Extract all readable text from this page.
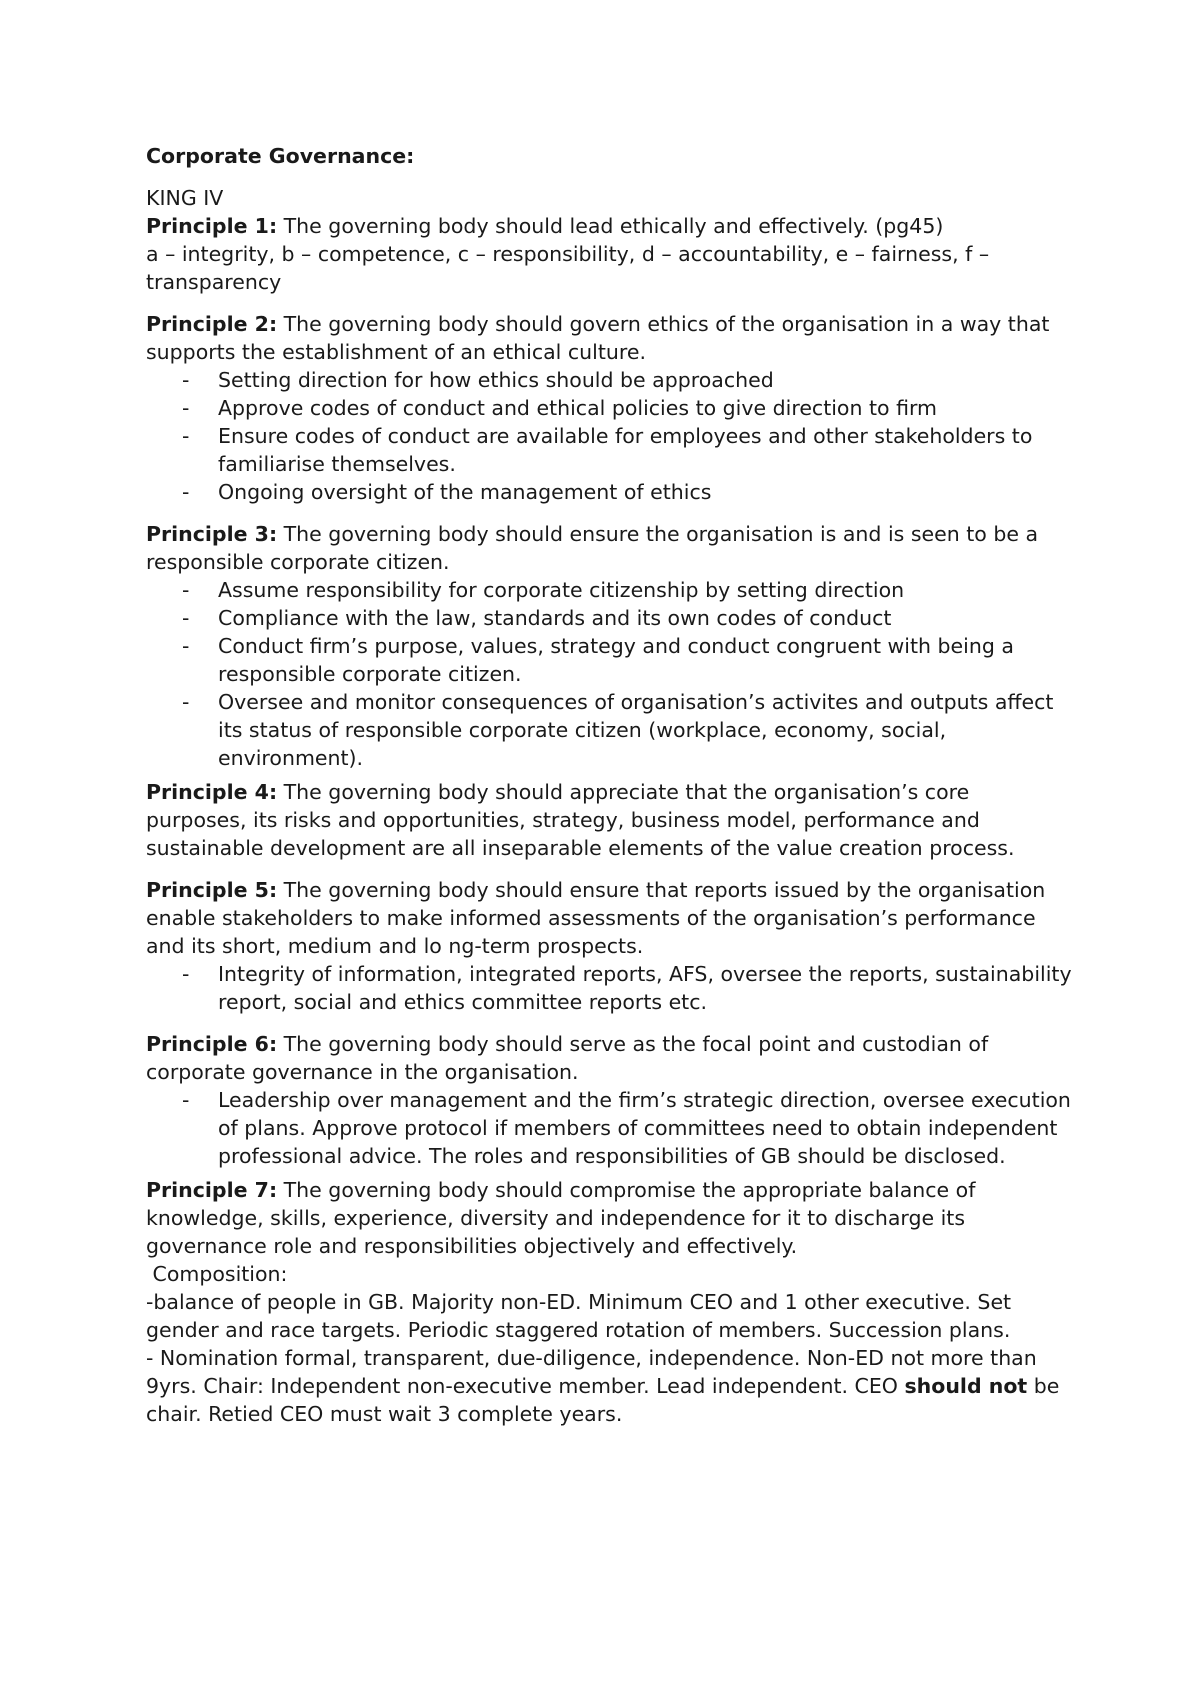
Corporate Governance:

KING IV

Principle 1: The governing body should lead ethically and effectively. (pg45)

a – integrity, b – competence, c – responsibility, d – accountability, e – fairness, f – transparency

Principle 2: The governing body should govern ethics of the organisation in a way that supports the establishment of an ethical culture.

- Setting direction for how ethics should be approached
- Approve codes of conduct and ethical policies to give direction to firm
- Ensure codes of conduct are available for employees and other stakeholders to familiarise themselves.
- Ongoing oversight of the management of ethics

Principle 3: The governing body should ensure the organisation is and is seen to be a responsible corporate citizen.

- Assume responsibility for corporate citizenship by setting direction
- Compliance with the law, standards and its own codes of conduct
- Conduct firm’s purpose, values, strategy and conduct congruent with being a responsible corporate citizen.
- Oversee and monitor consequences of organisation’s activites and outputs affect its status of responsible corporate citizen (workplace, economy, social, environment).

Principle 4: The governing body should appreciate that the organisation’s core purposes, its risks and opportunities, strategy, business model, performance and sustainable development are all inseparable elements of the value creation process.

Principle 5: The governing body should ensure that reports issued by the organisation enable stakeholders to make informed assessments of the organisation’s performance and its short, medium and lo ng-term prospects.

- Integrity of information, integrated reports, AFS, oversee the reports, sustainability report, social and ethics committee reports etc.

Principle 6: The governing body should serve as the focal point and custodian of corporate governance in the organisation.

- Leadership over management and the firm’s strategic direction, oversee execution of plans. Approve protocol if members of committees need to obtain independent professional advice. The roles and responsibilities of GB should be disclosed.

Principle 7: The governing body should compromise the appropriate balance of knowledge, skills, experience, diversity and independence for it to discharge its governance role and responsibilities objectively and effectively.

Composition:

-balance of people in GB. Majority non-ED. Minimum CEO and 1 other executive. Set gender and race targets. Periodic staggered rotation of members. Succession plans.

- Nomination formal, transparent, due-diligence, independence. Non-ED not more than 9yrs. Chair: Independent non-executive member. Lead independent. CEO should not be chair. Retied CEO must wait 3 complete years.
